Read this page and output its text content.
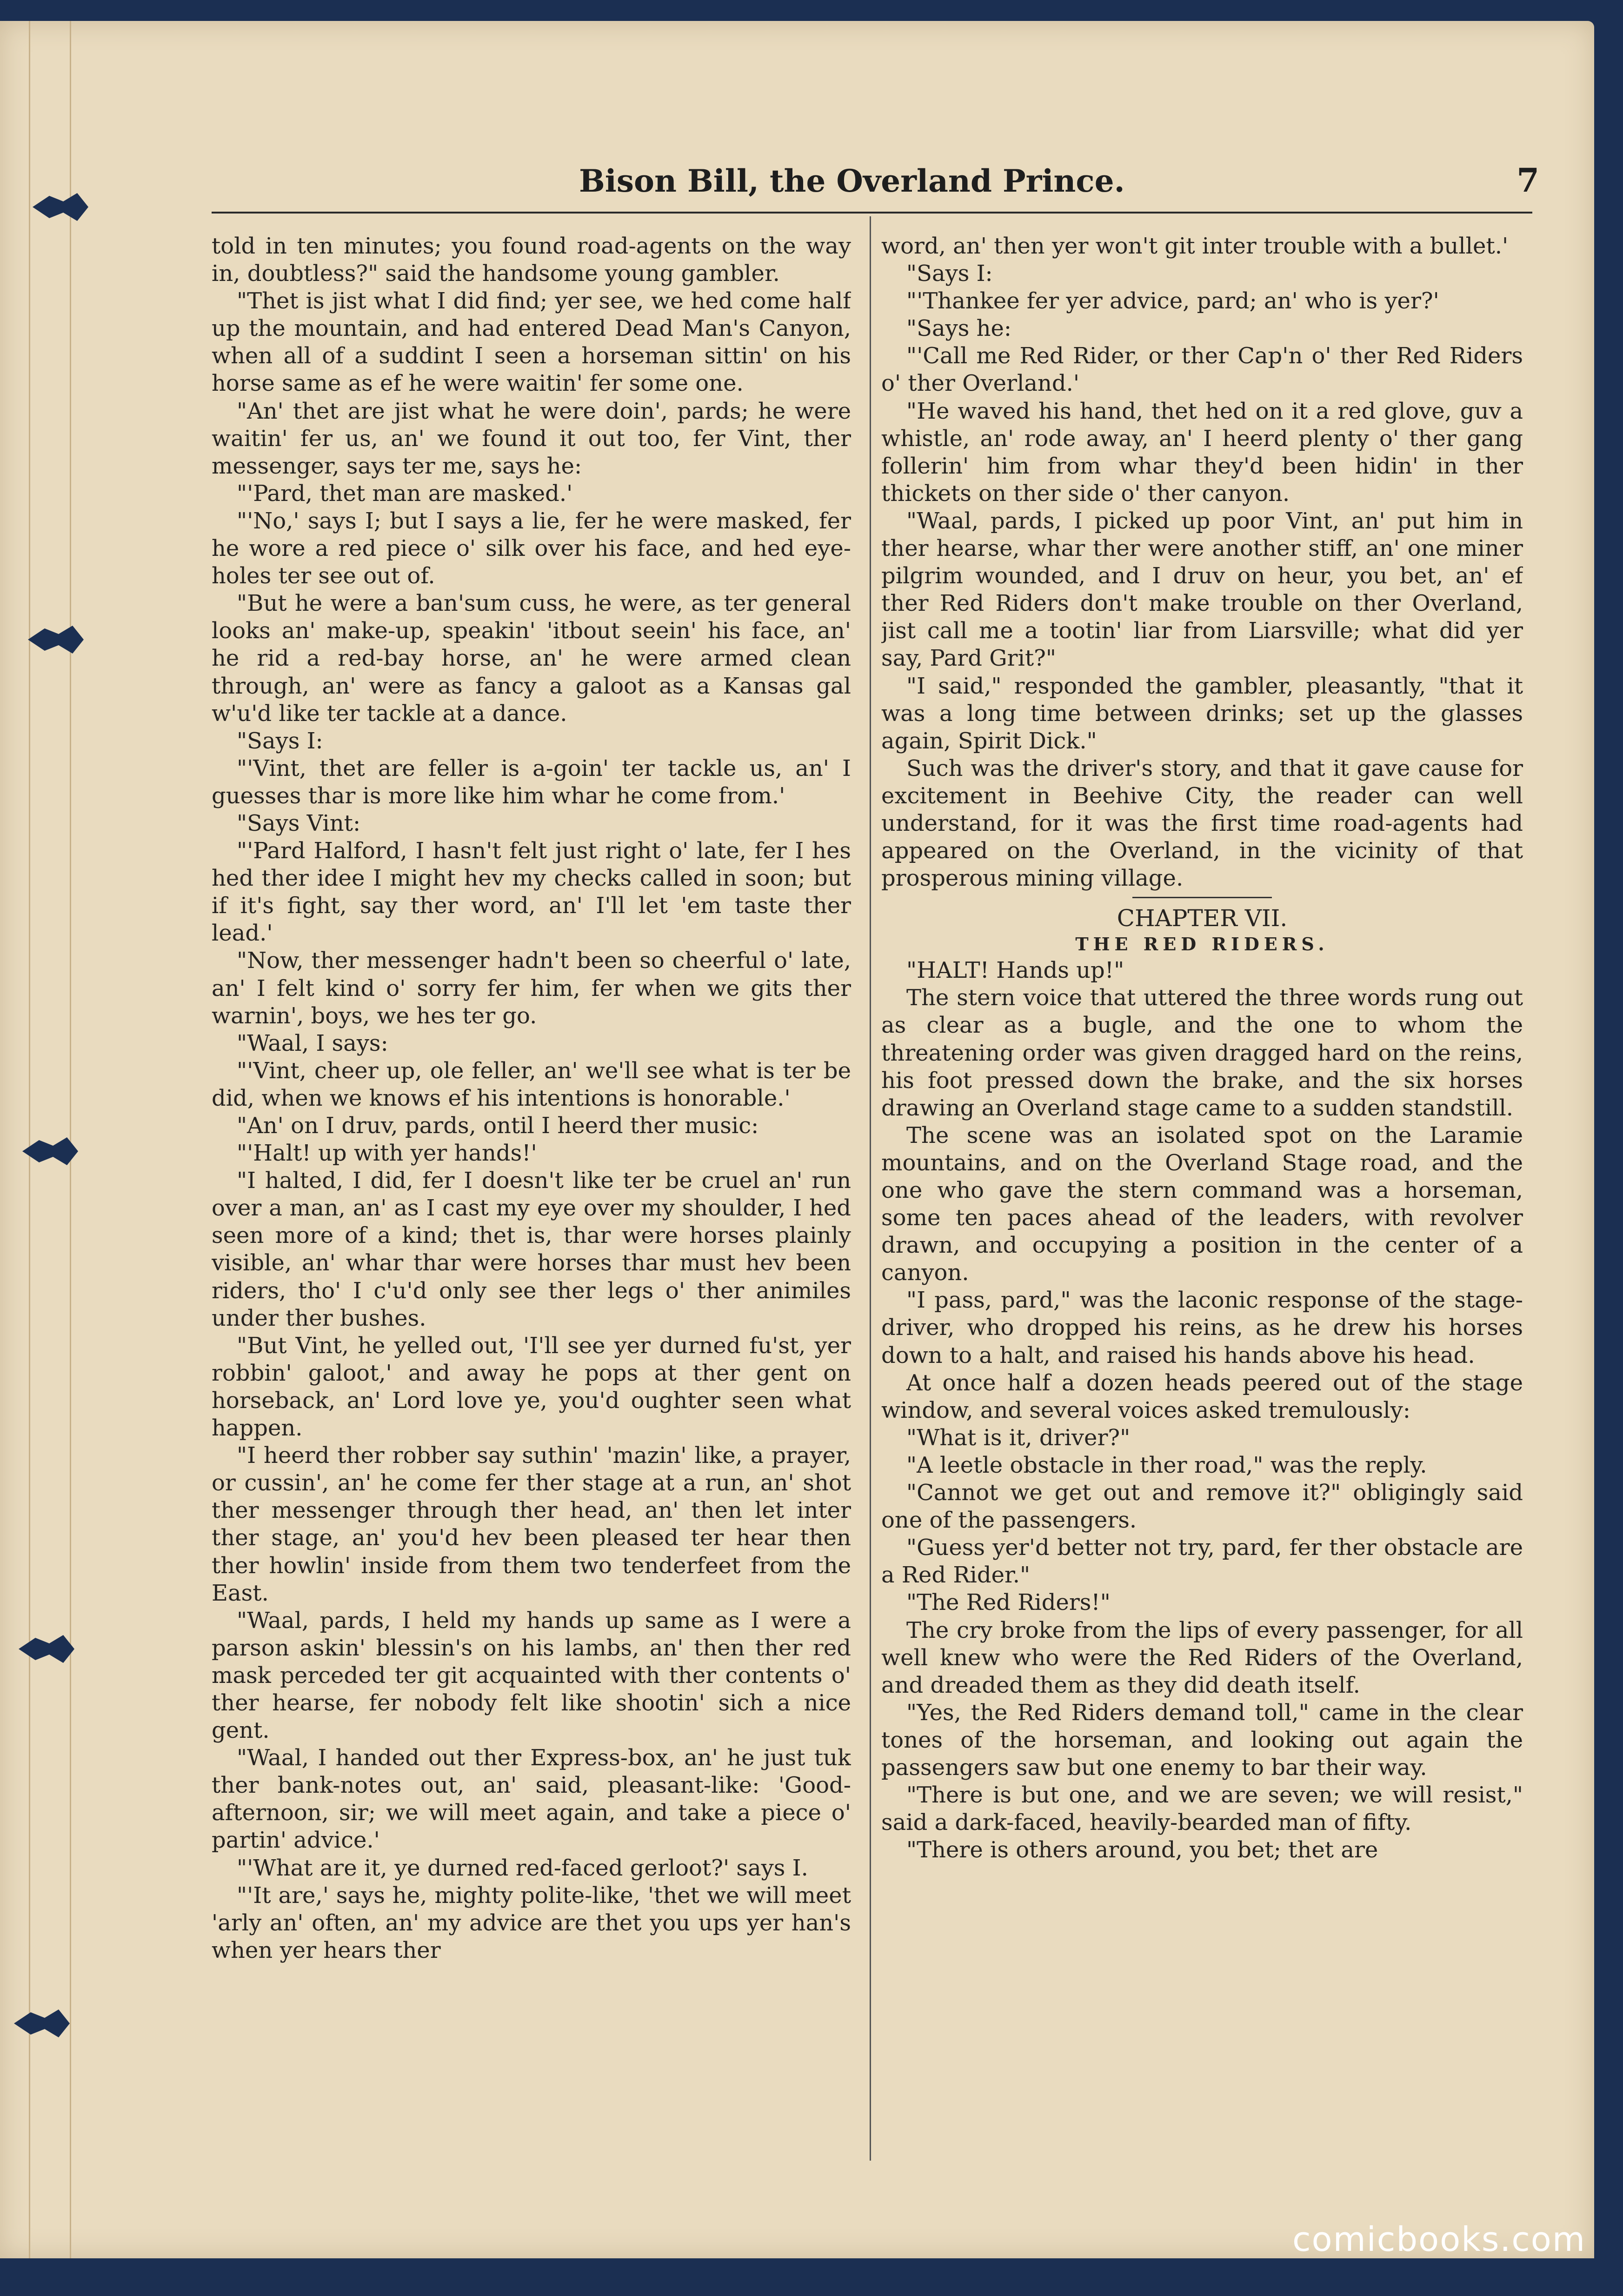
Bison Bill, the Overland Prince.	7

told in ten minutes; you found road-agents on the way in, doubtless?" said the handsome young gambler.

"Thet is jist what I did find; yer see, we hed come half up the mountain, and had entered Dead Man's Canyon, when all of a suddint I seen a horseman sittin' on his horse same as ef he were waitin' fer some one.

"An' thet are jist what he were doin', pards; he were waitin' fer us, an' we found it out too, fer Vint, ther messenger, says ter me, says he:

"'Pard, thet man are masked.'

"'No,' says I; but I says a lie, fer he were masked, fer he wore a red piece o' silk over his face, and hed eye-holes ter see out of.

"But he were a ban'sum cuss, he were, as ter general looks an' make-up, speakin' 'itbout seein' his face, an' he rid a red-bay horse, an' he were armed clean through, an' were as fancy a galoot as a Kansas gal w'u'd like ter tackle at a dance.

"Says I:

"'Vint, thet are feller is a-goin' ter tackle us, an' I guesses thar is more like him whar he come from.'

"Says Vint:

"'Pard Halford, I hasn't felt just right o' late, fer I hes hed ther idee I might hev my checks called in soon; but if it's fight, say ther word, an' I'll let 'em taste ther lead.'

"Now, ther messenger hadn't been so cheerful o' late, an' I felt kind o' sorry fer him, fer when we gits ther warnin', boys, we hes ter go.

"Waal, I says:

"'Vint, cheer up, ole feller, an' we'll see what is ter be did, when we knows ef his intentions is honorable.'

"An' on I druv, pards, ontil I heerd ther music:

"'Halt! up with yer hands!'

"I halted, I did, fer I doesn't like ter be cruel an' run over a man, an' as I cast my eye over my shoulder, I hed seen more of a kind; thet is, thar were horses plainly visible, an' whar thar were horses thar must hev been riders, tho' I c'u'd only see ther legs o' ther animiles under ther bushes.

"But Vint, he yelled out, 'I'll see yer durned fu'st, yer robbin' galoot,' and away he pops at ther gent on horseback, an' Lord love ye, you'd oughter seen what happen.

"I heerd ther robber say suthin' 'mazin' like, a prayer, or cussin', an' he come fer ther stage at a run, an' shot ther messenger through ther head, an' then let inter ther stage, an' you'd hev been pleased ter hear then ther howlin' inside from them two tenderfeet from the East.

"Waal, pards, I held my hands up same as I were a parson askin' blessin's on his lambs, an' then ther red mask perceded ter git acquainted with ther contents o' ther hearse, fer nobody felt like shootin' sich a nice gent.

"Waal, I handed out ther Express-box, an' he just tuk ther bank-notes out, an' said, pleasant-like: 'Good-afternoon, sir; we will meet again, and take a piece o' partin' advice.'

"'What are it, ye durned red-faced gerloot?' says I.

"'It are,' says he, mighty polite-like, 'thet we will meet 'arly an' often, an' my advice are thet you ups yer han's when yer hears ther

word, an' then yer won't git inter trouble with a bullet.'

"Says I:

"'Thankee fer yer advice, pard; an' who is yer?'

"Says he:

"'Call me Red Rider, or ther Cap'n o' ther Red Riders o' ther Overland.'

"He waved his hand, thet hed on it a red glove, guv a whistle, an' rode away, an' I heerd plenty o' ther gang follerin' him from whar they'd been hidin' in ther thickets on ther side o' ther canyon.

"Waal, pards, I picked up poor Vint, an' put him in ther hearse, whar ther were another stiff, an' one miner pilgrim wounded, and I druv on heur, you bet, an' ef ther Red Riders don't make trouble on ther Overland, jist call me a tootin' liar from Liarsville; what did yer say, Pard Grit?"

"I said," responded the gambler, pleasantly, "that it was a long time between drinks; set up the glasses again, Spirit Dick."

Such was the driver's story, and that it gave cause for excitement in Beehive City, the reader can well understand, for it was the first time road-agents had appeared on the Overland, in the vicinity of that prosperous mining village.

CHAPTER VII.
THE RED RIDERS.

"HALT! Hands up!"

The stern voice that uttered the three words rung out as clear as a bugle, and the one to whom the threatening order was given dragged hard on the reins, his foot pressed down the brake, and the six horses drawing an Overland stage came to a sudden standstill.

The scene was an isolated spot on the Laramie mountains, and on the Overland Stage road, and the one who gave the stern command was a horseman, some ten paces ahead of the leaders, with revolver drawn, and occupying a position in the center of a canyon.

"I pass, pard," was the laconic response of the stage-driver, who dropped his reins, as he drew his horses down to a halt, and raised his hands above his head.

At once half a dozen heads peered out of the stage window, and several voices asked tremulously:

"What is it, driver?"

"A leetle obstacle in ther road," was the reply.

"Cannot we get out and remove it?" obligingly said one of the passengers.

"Guess yer'd better not try, pard, fer ther obstacle are a Red Rider."

"The Red Riders!"

The cry broke from the lips of every passenger, for all well knew who were the Red Riders of the Overland, and dreaded them as they did death itself.

"Yes, the Red Riders demand toll," came in the clear tones of the horseman, and looking out again the passengers saw but one enemy to bar their way.

"There is but one, and we are seven; we will resist," said a dark-faced, heavily-bearded man of fifty.

"There is others around, you bet; thet are

comicbooks.com
